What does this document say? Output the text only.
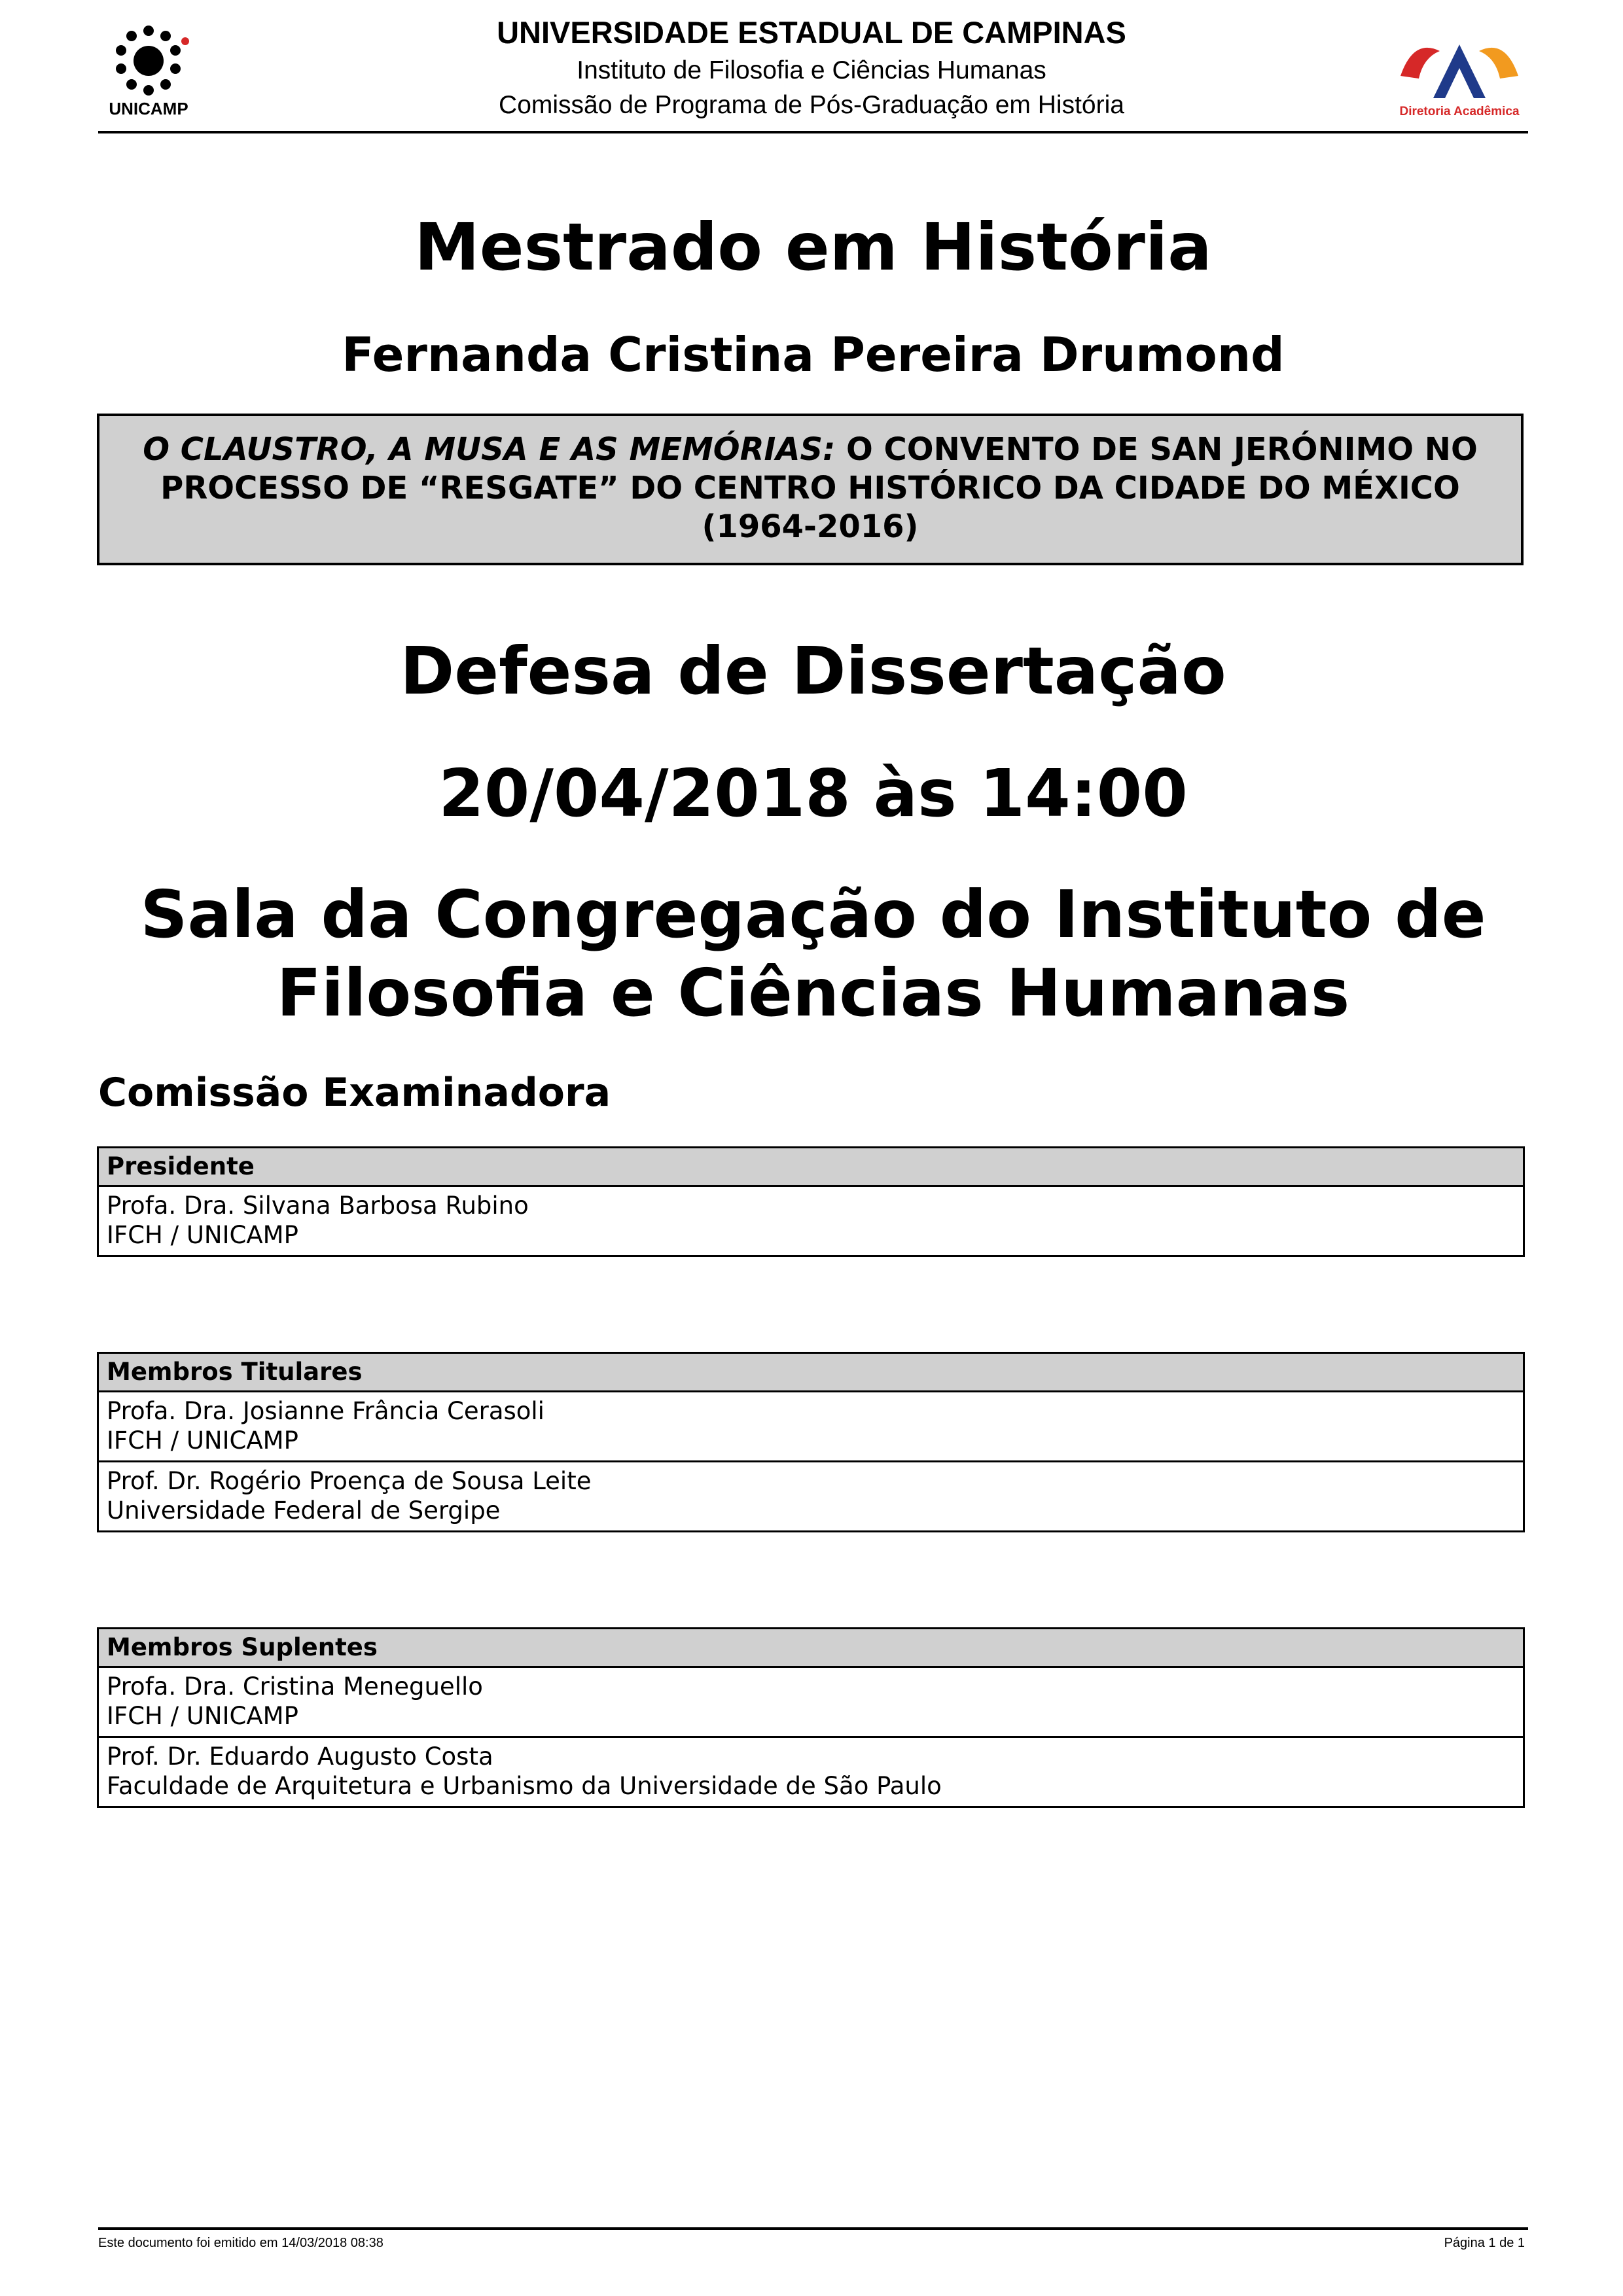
UNICAMP
UNIVERSIDADE ESTADUAL DE CAMPINAS
Instituto de Filosofia e Ciências Humanas
Comissão de Programa de Pós-Graduação em História	Diretoria Acadêmica
Mestrado em História
Fernanda Cristina Pereira Drumond
O CLAUSTRO, A MUSA E AS MEMÓRIAS: O CONVENTO DE SAN JERÓNIMO NO PROCESSO DE “RESGATE” DO CENTRO HISTÓRICO DA CIDADE DO MÉXICO (1964-2016)
Defesa de Dissertação
20/04/2018 às 14:00
Sala da Congregação do Instituto de
Filosofia e Ciências Humanas
Comissão Examinadora
Presidente
Profa. Dra. Silvana Barbosa Rubino
IFCH / UNICAMP
Membros Titulares
Profa. Dra. Josianne Frância Cerasoli
IFCH / UNICAMP
Prof. Dr. Rogério Proença de Sousa Leite
Universidade Federal de Sergipe
Membros Suplentes
Profa. Dra. Cristina Meneguello
IFCH / UNICAMP
Prof. Dr. Eduardo Augusto Costa
Faculdade de Arquitetura e Urbanismo da Universidade de São Paulo
Este documento foi emitido em 14/03/2018 08:38	Página 1 de 1
